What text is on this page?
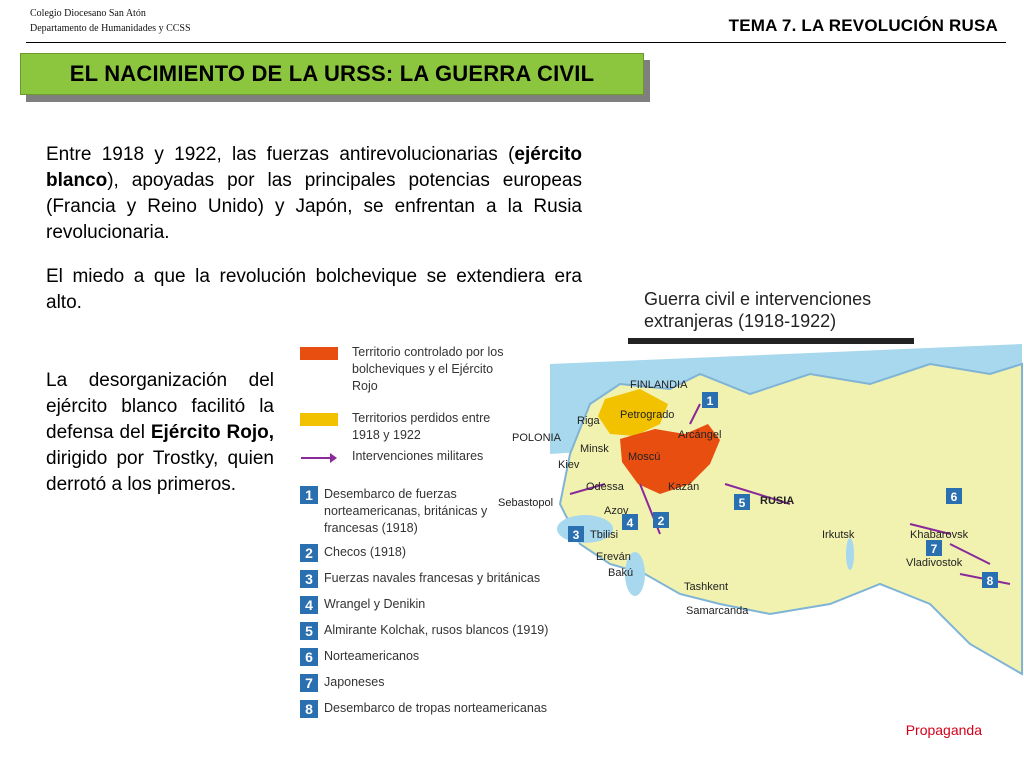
Colegio Diocesano San Atón
Departamento de Humanidades y CCSS	TEMA 7. LA REVOLUCIÓN RUSA
EL NACIMIENTO DE LA URSS: LA GUERRA CIVIL

Entre 1918 y 1922, las fuerzas antirevolucionarias (ejército blanco), apoyadas por las principales potencias europeas (Francia y Reino Unido) y Japón, se enfrentan a la Rusia revolucionaria.

El miedo a que la revolución bolchevique se extendiera era alto.

La desorganización del ejército blanco facilitó la defensa del Ejército Rojo, dirigido por Trostky, quien derrotó a los primeros.

Guerra civil e intervenciones
extranjeras (1918-1922)
Territorio controlado por los bolcheviques y el Ejército Rojo
Territorios perdidos entre 1918 y 1922
Intervenciones militares
1 Desembarco de fuerzas norteamericanas, británicas y francesas (1918)
2 Checos (1918)
3 Fuerzas navales francesas y británicas
4 Wrangel y Denikin
5 Almirante Kolchak, rusos blancos (1919)
6 Norteamericanos
7 Japoneses
8 Desembarco de tropas norteamericanas
1
2
3
4
5	6
7
8
FINLANDIA
POLONIA
Riga Petrogrado
Arcángel
Minsk
Moscú
Kiev
Kazán
Odessa
Sebastopol
Azov
Tbilisi
Ereván
Bakú
RUSIA
Irkutsk	Khabarovsk
Vladivostok
Tashkent
Samarcanda
Propaganda
